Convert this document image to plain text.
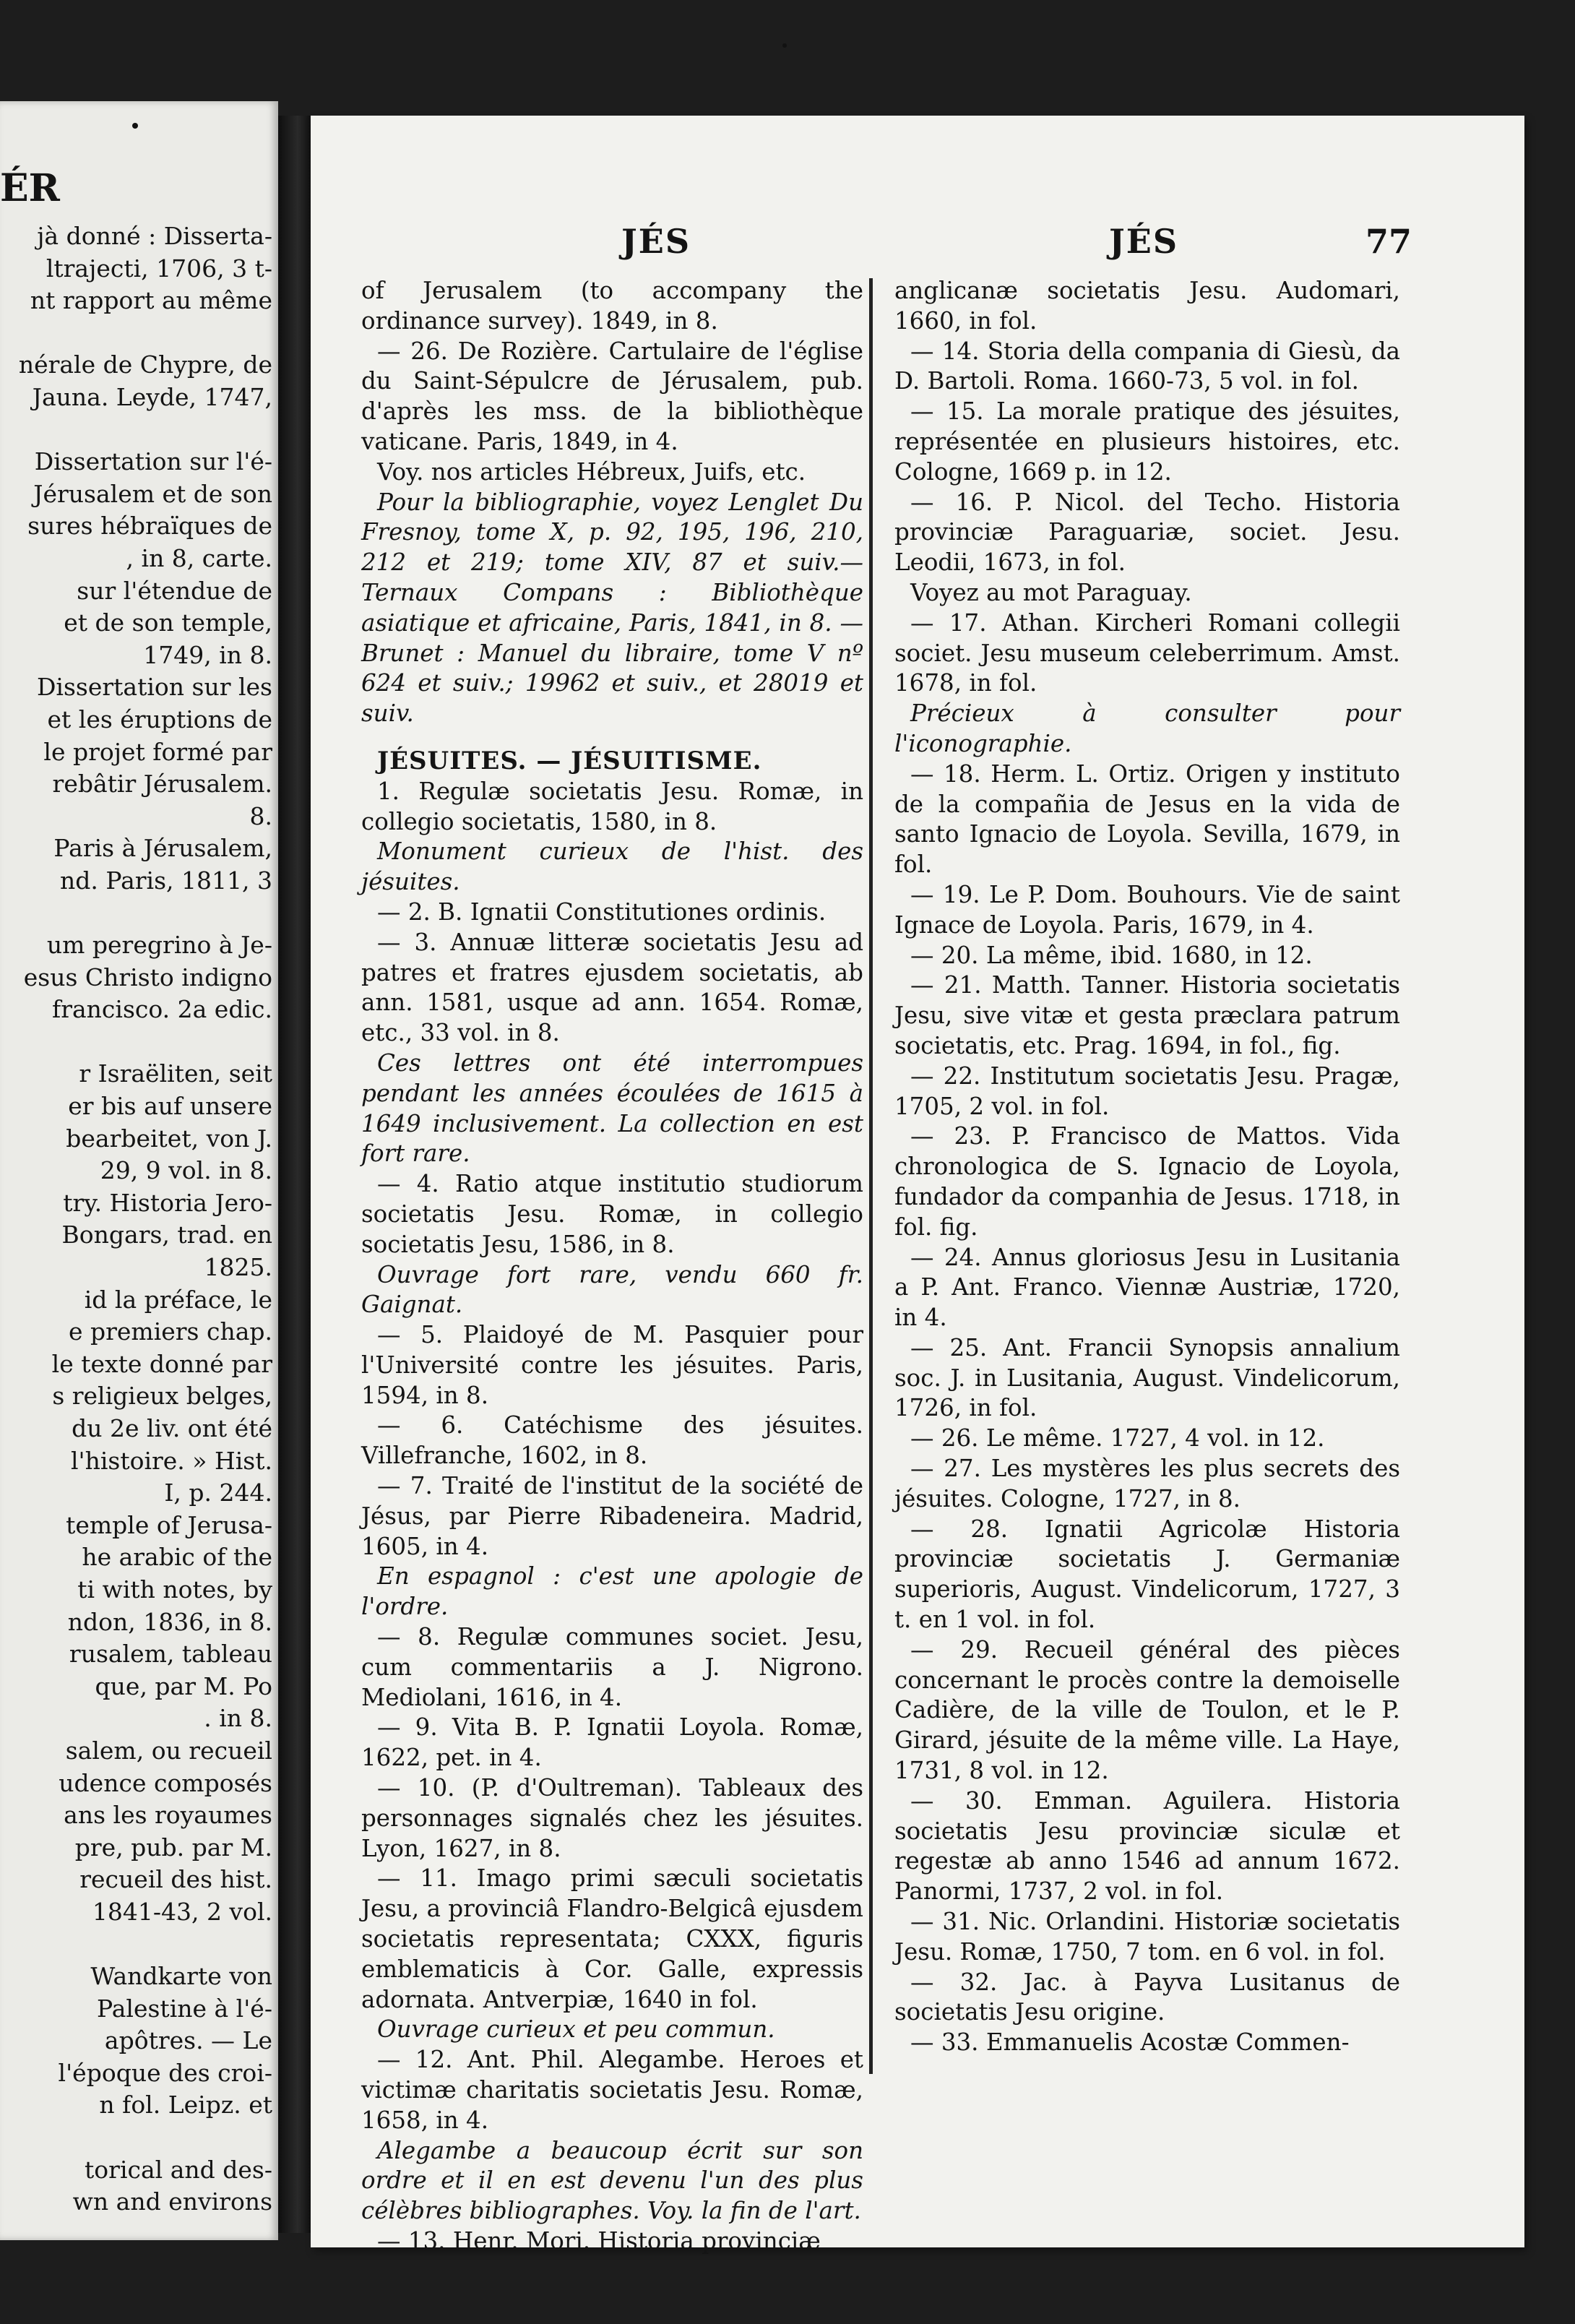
ÉR
jà donné : Disserta-
ltrajecti, 1706, 3 t-
nt rapport au même

nérale de Chypre, de
Jauna. Leyde, 1747,

Dissertation sur l'é-
Jérusalem et de son
sures hébraïques de
, in 8, carte.
sur l'étendue de
et de son temple,
1749, in 8.
Dissertation sur les
et les éruptions de
le projet formé par
rebâtir Jérusalem.
8.
Paris à Jérusalem,
nd. Paris, 1811, 3

um peregrino à Je-
esus Christo indigno
francisco. 2a edic.

r Israëliten, seit
er bis auf unsere
bearbeitet, von J.
29, 9 vol. in 8.
try. Historia Jero-
Bongars, trad. en
1825.
id la préface, le
e premiers chap.
le texte donné par
s religieux belges,
du 2e liv. ont été
l'histoire. » Hist.
I, p. 244.
temple of Jerusa-
he arabic of the
ti with notes, by
ndon, 1836, in 8.
rusalem, tableau
que, par M. Po
. in 8.
salem, ou recueil
udence composés
ans les royaumes
pre, pub. par M.
recueil des hist.
1841-43, 2 vol.

Wandkarte von
Palestine à l'é-
apôtres. — Le
l'époque des croi-
n fol. Leipz. et

torical and des-
wn and environs
JÉS	JÉS	77

of Jerusalem (to accompany the ordinance survey). 1849, in 8.

— 26. De Rozière. Cartulaire de l'église du Saint-Sépulcre de Jérusalem, pub. d'après les mss. de la bibliothèque vaticane. Paris, 1849, in 4.

Voy. nos articles Hébreux, Juifs, etc.

Pour la bibliographie, voyez Lenglet Du Fresnoy, tome X, p. 92, 195, 196, 210, 212 et 219; tome XIV, 87 et suiv.— Ternaux Compans : Bibliothèque asiatique et africaine, Paris, 1841, in 8. — Brunet : Manuel du libraire, tome V nº 624 et suiv.; 19962 et suiv., et 28019 et suiv.

JÉSUITES. — JÉSUITISME.

1. Regulæ societatis Jesu. Romæ, in collegio societatis, 1580, in 8.

Monument curieux de l'hist. des jésuites.

— 2. B. Ignatii Constitutiones ordinis.

— 3. Annuæ litteræ societatis Jesu ad patres et fratres ejusdem societatis, ab ann. 1581, usque ad ann. 1654. Romæ, etc., 33 vol. in 8.

Ces lettres ont été interrompues pendant les années écoulées de 1615 à 1649 inclusivement. La collection en est fort rare.

— 4. Ratio atque institutio studiorum societatis Jesu. Romæ, in collegio societatis Jesu, 1586, in 8.

Ouvrage fort rare, vendu 660 fr. Gaignat.

— 5. Plaidoyé de M. Pasquier pour l'Université contre les jésuites. Paris, 1594, in 8.

— 6. Catéchisme des jésuites. Villefranche, 1602, in 8.

— 7. Traité de l'institut de la société de Jésus, par Pierre Ribadeneira. Madrid, 1605, in 4.

En espagnol : c'est une apologie de l'ordre.

— 8. Regulæ communes societ. Jesu, cum commentariis a J. Nigrono. Mediolani, 1616, in 4.

— 9. Vita B. P. Ignatii Loyola. Romæ, 1622, pet. in 4.

— 10. (P. d'Oultreman). Tableaux des personnages signalés chez les jésuites. Lyon, 1627, in 8.

— 11. Imago primi sæculi societatis Jesu, a provinciâ Flandro-Belgicâ ejusdem societatis representata; CXXX, figuris emblematicis à Cor. Galle, expressis adornata. Antverpiæ, 1640 in fol.

Ouvrage curieux et peu commun.

— 12. Ant. Phil. Alegambe. Heroes et victimæ charitatis societatis Jesu. Romæ, 1658, in 4.

Alegambe a beaucoup écrit sur son ordre et il en est devenu l'un des plus célèbres bibliographes. Voy. la fin de l'art.

— 13. Henr. Mori. Historia provinciæ

anglicanæ societatis Jesu. Audomari, 1660, in fol.

— 14. Storia della compania di Giesù, da D. Bartoli. Roma. 1660-73, 5 vol. in fol.

— 15. La morale pratique des jésuites, représentée en plusieurs histoires, etc. Cologne, 1669 p. in 12.

— 16. P. Nicol. del Techo. Historia provinciæ Paraguariæ, societ. Jesu. Leodii, 1673, in fol.

Voyez au mot Paraguay.

— 17. Athan. Kircheri Romani collegii societ. Jesu museum celeberrimum. Amst. 1678, in fol.

Précieux à consulter pour l'iconographie.

— 18. Herm. L. Ortiz. Origen y instituto de la compañia de Jesus en la vida de santo Ignacio de Loyola. Sevilla, 1679, in fol.

— 19. Le P. Dom. Bouhours. Vie de saint Ignace de Loyola. Paris, 1679, in 4.

— 20. La même, ibid. 1680, in 12.

— 21. Matth. Tanner. Historia societatis Jesu, sive vitæ et gesta præclara patrum societatis, etc. Prag. 1694, in fol., fig.

— 22. Institutum societatis Jesu. Pragæ, 1705, 2 vol. in fol.

— 23. P. Francisco de Mattos. Vida chronologica de S. Ignacio de Loyola, fundador da companhia de Jesus. 1718, in fol. fig.

— 24. Annus gloriosus Jesu in Lusitania a P. Ant. Franco. Viennæ Austriæ, 1720, in 4.

— 25. Ant. Francii Synopsis annalium soc. J. in Lusitania, August. Vindelicorum, 1726, in fol.

— 26. Le même. 1727, 4 vol. in 12.

— 27. Les mystères les plus secrets des jésuites. Cologne, 1727, in 8.

— 28. Ignatii Agricolæ Historia provinciæ societatis J. Germaniæ superioris, August. Vindelicorum, 1727, 3 t. en 1 vol. in fol.

— 29. Recueil général des pièces concernant le procès contre la demoiselle Cadière, de la ville de Toulon, et le P. Girard, jésuite de la même ville. La Haye, 1731, 8 vol. in 12.

— 30. Emman. Aguilera. Historia societatis Jesu provinciæ siculæ et regestæ ab anno 1546 ad annum 1672. Panormi, 1737, 2 vol. in fol.

— 31. Nic. Orlandini. Historiæ societatis Jesu. Romæ, 1750, 7 tom. en 6 vol. in fol.

— 32. Jac. à Payva Lusitanus de societatis Jesu origine.

— 33. Emmanuelis Acostæ Commen-
